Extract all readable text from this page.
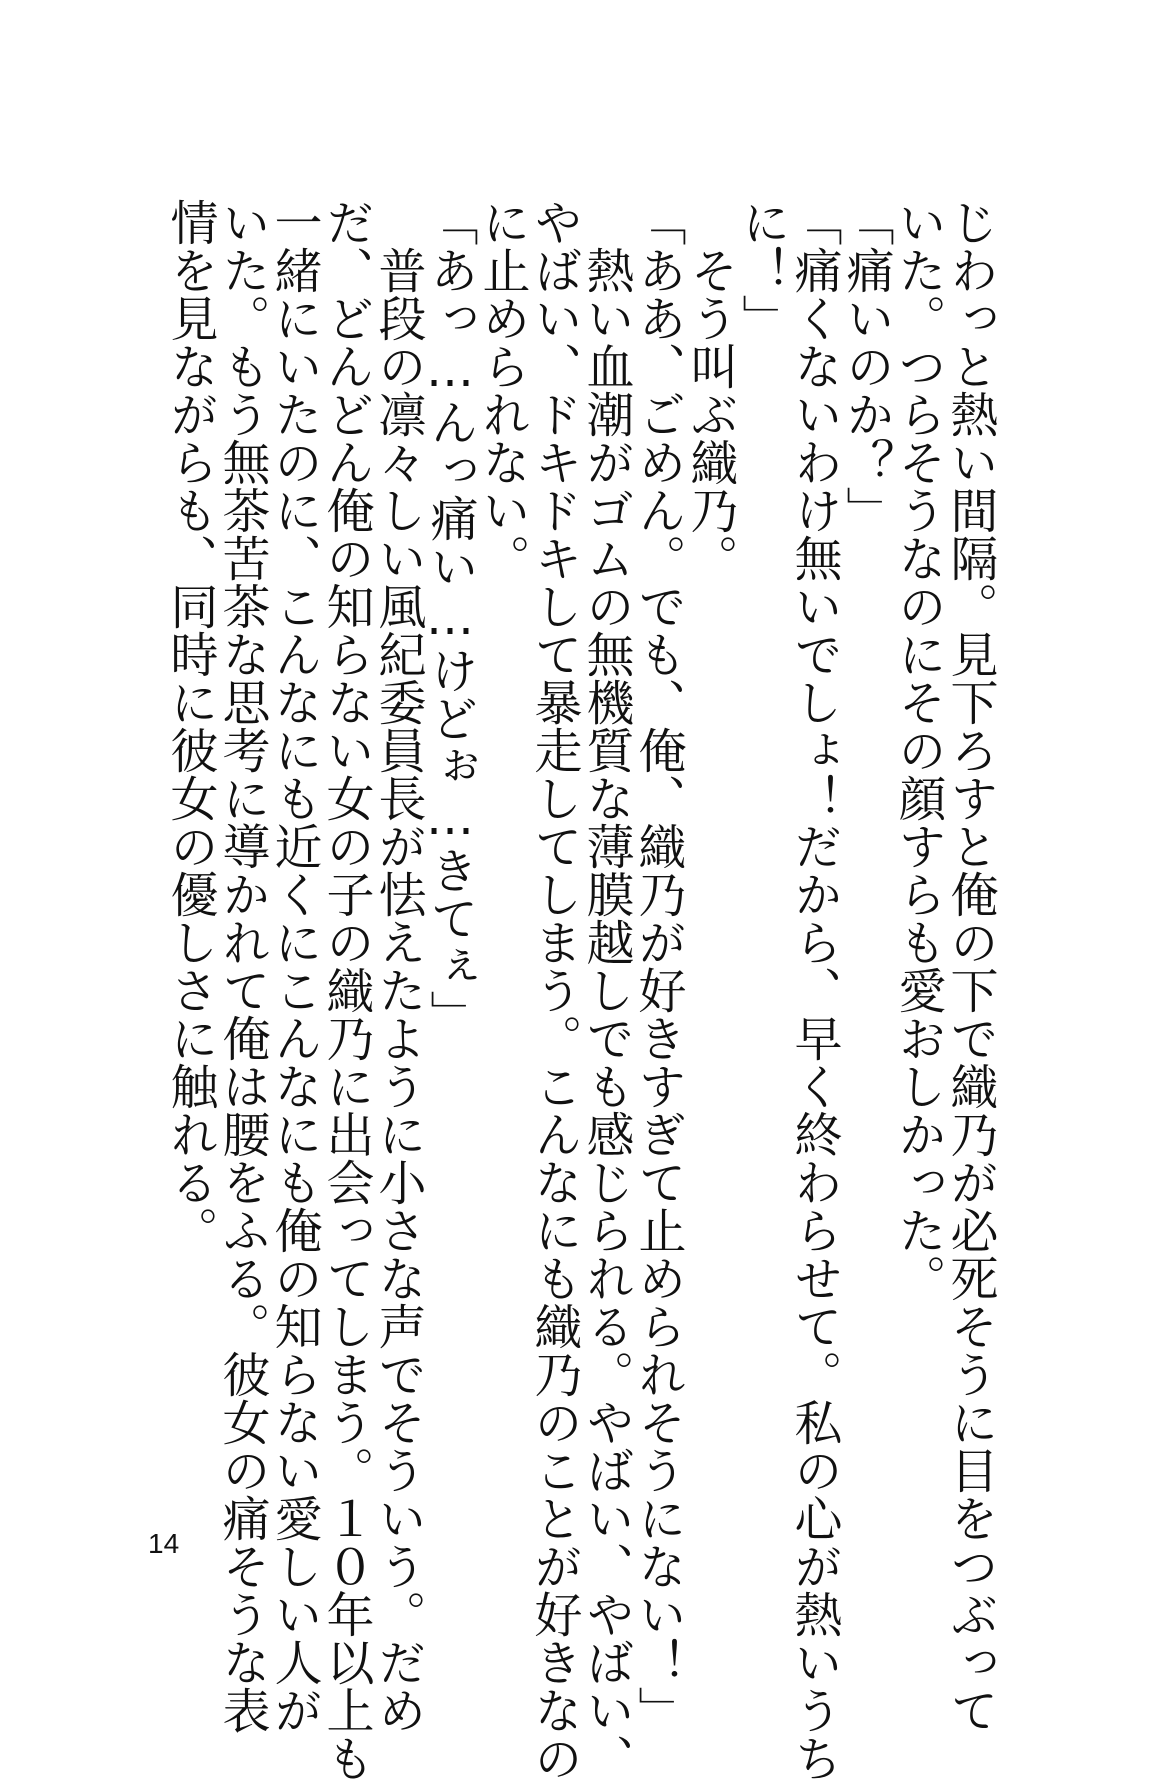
じわっと熱い間隔。見下ろすと俺の下で織乃が必死そうに目をつぶって
いた。つらそうなのにその顔すらも愛おしかった。
「痛いのか？」
「痛くないわけ無いでしょ！だから、早く終わらせて。私の心が熱いうち
に！」
　そう叫ぶ織乃。
「ああ、ごめん。でも、俺、織乃が好きすぎて止められそうにない！」
　熱い血潮がゴムの無機質な薄膜越しでも感じられる。やばい、やばい、
やばい、ドキドキして暴走してしまう。こんなにも織乃のことが好きなの
に止められない。
「あっ…んっ痛い…けどぉ…きてぇ」
　普段の凛々しい風紀委員長が怯えたように小さな声でそういう。だめ
だ、どんどん俺の知らない女の子の織乃に出会ってしまう。１０年以上も
一緒にいたのに、こんなにも近くにこんなにも俺の知らない愛しい人が
いた。もう無茶苦茶な思考に導かれて俺は腰をふる。彼女の痛そうな表
情を見ながらも、同時に彼女の優しさに触れる。
14
